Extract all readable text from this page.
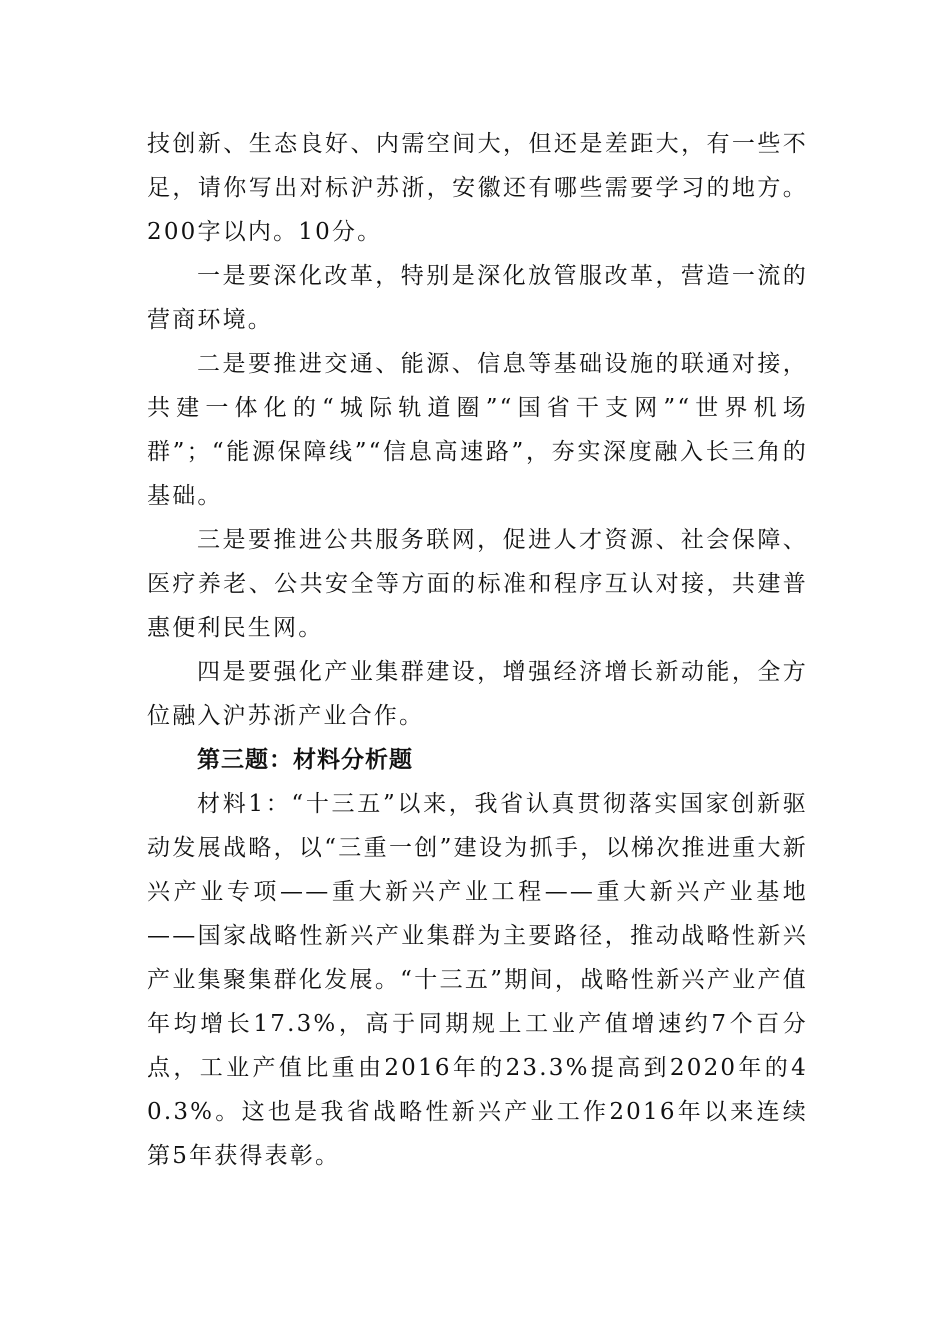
技创新、生态良好、内需空间大，但还是差距大，有一些不足，请你写出对标沪苏浙，安徽还有哪些需要学习的地方。200字以内。10分。

一是要深化改革，特别是深化放管服改革，营造一流的营商环境。

二是要推进交通、能源、信息等基础设施的联通对接，共建一体化的“城际轨道圈”“国省干支网”“世界机场群”；“能源保障线”“信息高速路”，夯实深度融入长三角的基础。

三是要推进公共服务联网，促进人才资源、社会保障、医疗养老、公共安全等方面的标准和程序互认对接，共建普惠便利民生网。

四是要强化产业集群建设，增强经济增长新动能，全方位融入沪苏浙产业合作。

第三题：材料分析题

材料1：“十三五”以来，我省认真贯彻落实国家创新驱动发展战略，以“三重一创”建设为抓手，以梯次推进重大新兴产业专项——重大新兴产业工程——重大新兴产业基地——国家战略性新兴产业集群为主要路径，推动战略性新兴产业集聚集群化发展。“十三五”期间，战略性新兴产业产值年均增长17.3%，高于同期规上工业产值增速约7个百分点，工业产值比重由2016年的23.3%提高到2020年的40.3%。这也是我省战略性新兴产业工作2016年以来连续第5年获得表彰。
